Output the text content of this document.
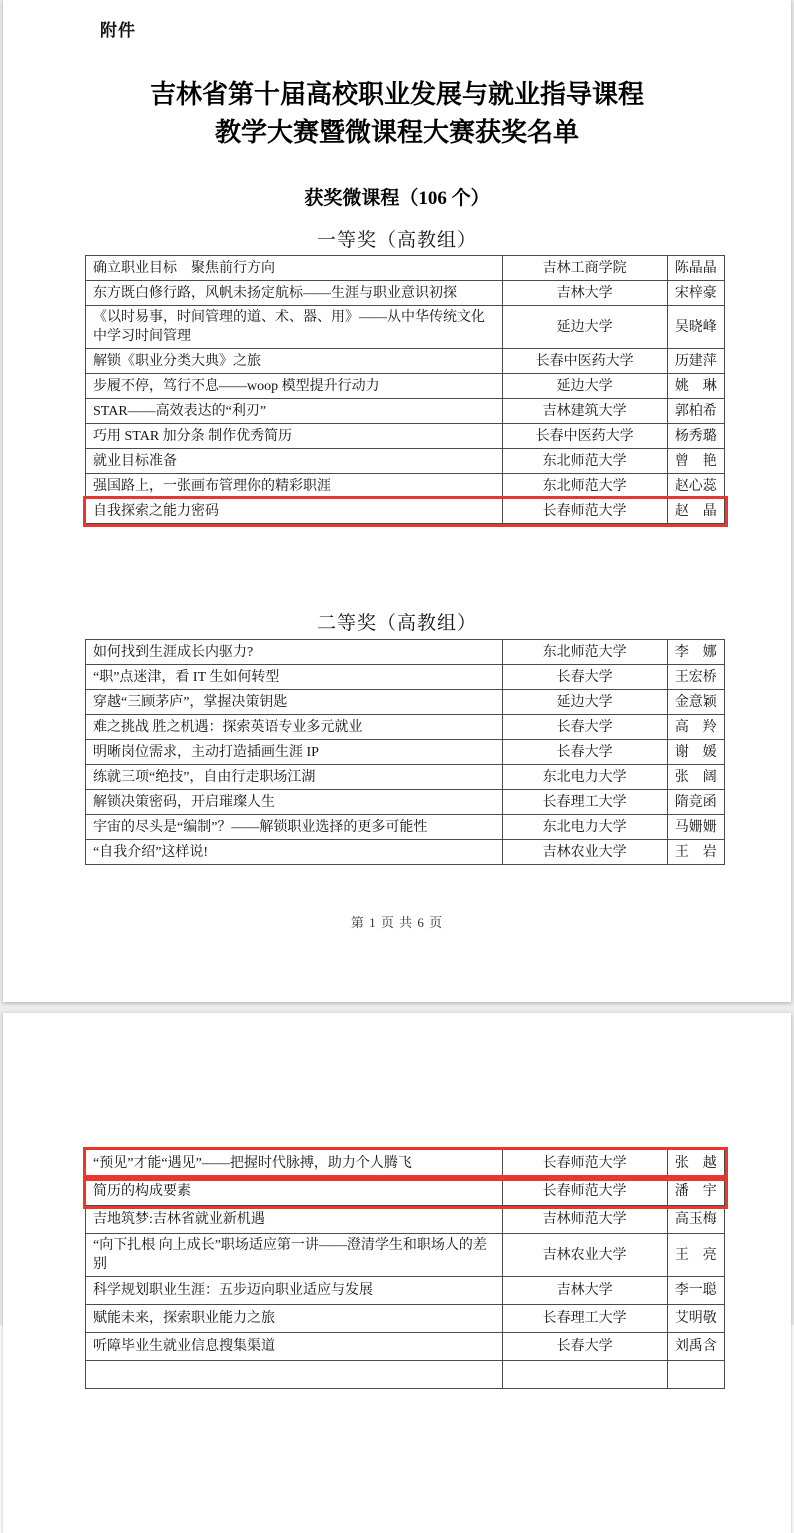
附件
吉林省第十届高校职业发展与就业指导课程
教学大赛暨微课程大赛获奖名单
获奖微课程（106 个）
一等奖（高教组）
确立职业目标　聚焦前行方向	吉林工商学院	陈晶晶
东方既白修行路，风帆未扬定航标——生涯与职业意识初探	吉林大学	宋梓豪
《以时易事，时间管理的道、术、器、用》——从中华传统文化中学习时间管理	延边大学	吴晓峰
解锁《职业分类大典》之旅	长春中医药大学	历建萍
步履不停，笃行不息——woop 模型提升行动力	延边大学	姚　琳
STAR——高效表达的“利刃”	吉林建筑大学	郭柏希
巧用 STAR 加分条 制作优秀简历	长春中医药大学	杨秀璐
就业目标准备	东北师范大学	曾　艳
强国路上，一张画布管理你的精彩职涯	东北师范大学	赵心蕊
自我探索之能力密码	长春师范大学	赵　晶
二等奖（高教组）
如何找到生涯成长内驱力?	东北师范大学	李　娜
“职”点迷津，看 IT 生如何转型	长春大学	王宏桥
穿越“三顾茅庐”，掌握决策钥匙	延边大学	金意颖
难之挑战 胜之机遇：探索英语专业多元就业	长春大学	高　羚
明晰岗位需求，主动打造插画生涯 IP	长春大学	谢　媛
练就三项“绝技”，自由行走职场江湖	东北电力大学	张　阔
解锁决策密码，开启璀璨人生	长春理工大学	隋竞函
宇宙的尽头是“编制”？——解锁职业选择的更多可能性	东北电力大学	马姗姗
“自我介绍”这样说!	吉林农业大学	王　岩
第 1 页 共 6 页
“预见”才能“遇见”——把握时代脉搏，助力个人腾飞	长春师范大学	张　越
简历的构成要素	长春师范大学	潘　宇
吉地筑梦:吉林省就业新机遇	吉林师范大学	高玉梅
“向下扎根 向上成长”职场适应第一讲——澄清学生和职场人的差别	吉林农业大学	王　亮
科学规划职业生涯：五步迈向职业适应与发展	吉林大学	李一聪
赋能未来，探索职业能力之旅	长春理工大学	艾明敬
听障毕业生就业信息搜集渠道	长春大学	刘禹含
